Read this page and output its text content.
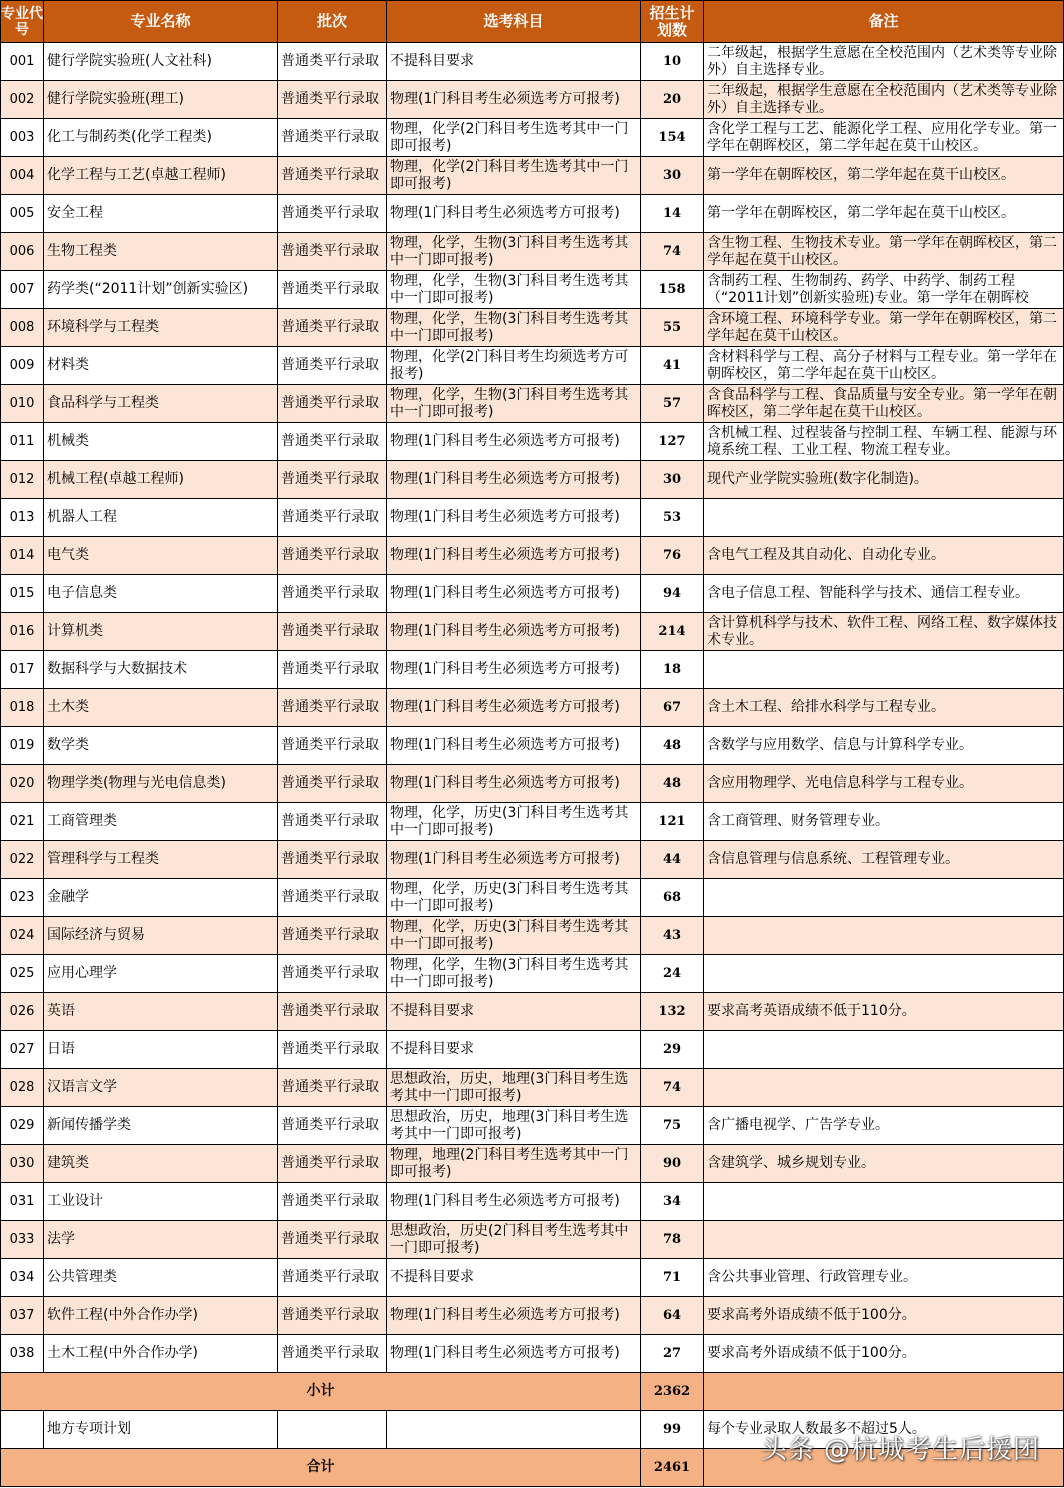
专业代号	专业名称	批次	选考科目	招生计划数	备注
001	健行学院实验班(人文社科)	普通类平行录取	不提科目要求	10	二年级起，根据学生意愿在全校范围内（艺术类等专业除外）自主选择专业。

002	健行学院实验班(理工)	普通类平行录取	物理(1门科目考生必须选考方可报考)	20	二年级起，根据学生意愿在全校范围内（艺术类等专业除外）自主选择专业。

003	化工与制药类(化学工程类)	普通类平行录取	物理，化学(2门科目考生选考其中一门即可报考)	154	含化学工程与工艺、能源化学工程、应用化学专业。第一学年在朝晖校区，第二学年起在莫干山校区。

004	化学工程与工艺(卓越工程师)	普通类平行录取	物理，化学(2门科目考生选考其中一门即可报考)	30	第一学年在朝晖校区，第二学年起在莫干山校区。

005	安全工程	普通类平行录取	物理(1门科目考生必须选考方可报考)	14	第一学年在朝晖校区，第二学年起在莫干山校区。

006	生物工程类	普通类平行录取	物理，化学，生物(3门科目考生选考其中一门即可报考)	74	含生物工程、生物技术专业。第一学年在朝晖校区，第二学年起在莫干山校区。

007	药学类(“2011计划”创新实验区)	普通类平行录取	物理，化学，生物(3门科目考生选考其中一门即可报考)	158	含制药工程、生物制药、药学、中药学、制药工程（“2011计划”创新实验班)专业。第一学年在朝晖校

008	环境科学与工程类	普通类平行录取	物理，化学，生物(3门科目考生选考其中一门即可报考)	55	含环境工程、环境科学专业。第一学年在朝晖校区，第二学年起在莫干山校区。

009	材料类	普通类平行录取	物理，化学(2门科目考生均须选考方可报考)	41	含材料科学与工程、高分子材料与工程专业。第一学年在朝晖校区，第二学年起在莫干山校区。

010	食品科学与工程类	普通类平行录取	物理，化学，生物(3门科目考生选考其中一门即可报考)	57	含食品科学与工程、食品质量与安全专业。第一学年在朝晖校区，第二学年起在莫干山校区。

011	机械类	普通类平行录取	物理(1门科目考生必须选考方可报考)	127	含机械工程、过程装备与控制工程、车辆工程、能源与环境系统工程、工业工程、物流工程专业。

012	机械工程(卓越工程师)	普通类平行录取	物理(1门科目考生必须选考方可报考)	30	现代产业学院实验班(数字化制造)。

013	机器人工程	普通类平行录取	物理(1门科目考生必须选考方可报考)	53	

014	电气类	普通类平行录取	物理(1门科目考生必须选考方可报考)	76	含电气工程及其自动化、自动化专业。

015	电子信息类	普通类平行录取	物理(1门科目考生必须选考方可报考)	94	含电子信息工程、智能科学与技术、通信工程专业。

016	计算机类	普通类平行录取	物理(1门科目考生必须选考方可报考)	214	含计算机科学与技术、软件工程、网络工程、数字媒体技术专业。

017	数据科学与大数据技术	普通类平行录取	物理(1门科目考生必须选考方可报考)	18	

018	土木类	普通类平行录取	物理(1门科目考生必须选考方可报考)	67	含土木工程、给排水科学与工程专业。

019	数学类	普通类平行录取	物理(1门科目考生必须选考方可报考)	48	含数学与应用数学、信息与计算科学专业。

020	物理学类(物理与光电信息类)	普通类平行录取	物理(1门科目考生必须选考方可报考)	48	含应用物理学、光电信息科学与工程专业。

021	工商管理类	普通类平行录取	物理，化学，历史(3门科目考生选考其中一门即可报考)	121	含工商管理、财务管理专业。

022	管理科学与工程类	普通类平行录取	物理(1门科目考生必须选考方可报考)	44	含信息管理与信息系统、工程管理专业。

023	金融学	普通类平行录取	物理，化学，历史(3门科目考生选考其中一门即可报考)	68	

024	国际经济与贸易	普通类平行录取	物理，化学，历史(3门科目考生选考其中一门即可报考)	43	

025	应用心理学	普通类平行录取	物理，化学，生物(3门科目考生选考其中一门即可报考)	24	

026	英语	普通类平行录取	不提科目要求	132	要求高考英语成绩不低于110分。

027	日语	普通类平行录取	不提科目要求	29	

028	汉语言文学	普通类平行录取	思想政治，历史，地理(3门科目考生选考其中一门即可报考)	74	

029	新闻传播学类	普通类平行录取	思想政治，历史，地理(3门科目考生选考其中一门即可报考)	75	含广播电视学、广告学专业。

030	建筑类	普通类平行录取	物理，地理(2门科目考生选考其中一门即可报考)	90	含建筑学、城乡规划专业。

031	工业设计	普通类平行录取	物理(1门科目考生必须选考方可报考)	34	

033	法学	普通类平行录取	思想政治，历史(2门科目考生选考其中一门即可报考)	78	

034	公共管理类	普通类平行录取	不提科目要求	71	含公共事业管理、行政管理专业。

037	软件工程(中外合作办学)	普通类平行录取	物理(1门科目考生必须选考方可报考)	64	要求高考外语成绩不低于100分。

038	土木工程(中外合作办学)	普通类平行录取	物理(1门科目考生必须选考方可报考)	27	要求高考外语成绩不低于100分。

小计				2362	
	地方专项计划			99	每个专业录取人数最多不超过5人。
合计				2461	
头条 @杭城考生后援团
